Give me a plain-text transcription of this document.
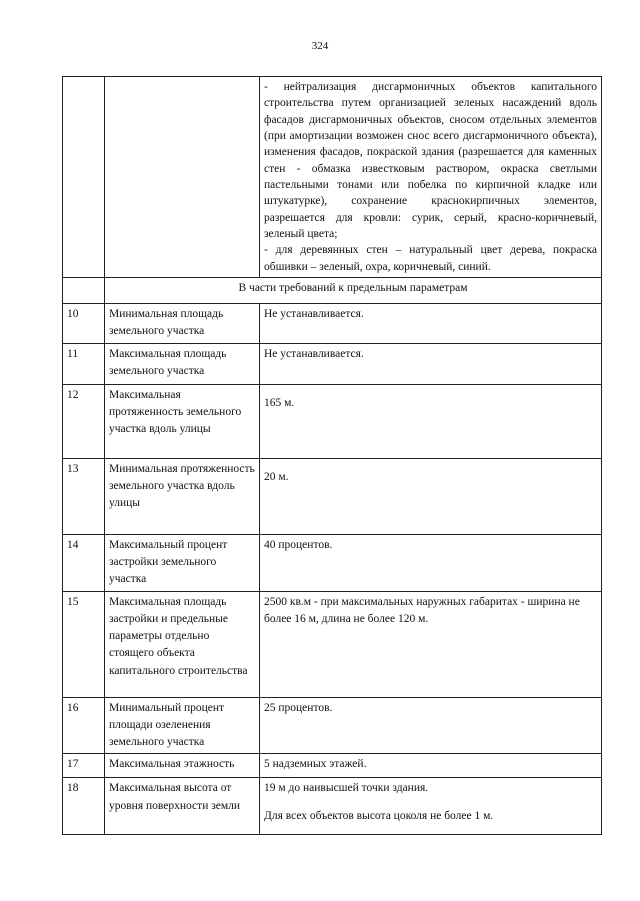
324

		- нейтрализация дисгармоничных объектов капитального строительства путем организацией зеленых насаждений вдоль фасадов дисгармоничных объектов, сносом отдельных элементов (при амортизации возможен снос всего дисгармоничного объекта), изменения фасадов, покраской здания (разрешается для каменных стен - обмазка известковым раствором, окраска светлыми пастельными тонами или побелка по кирпичной кладке или штукатурке), сохранение краснокирпичных элементов, разрешается для кровли: сурик, серый, красно-коричневый, зеленый цвета;

- для деревянных стен – натуральный цвет дерева, покраска обшивки – зеленый, охра, коричневый, синий.

	В части требований к предельным параметрам	
10	Минимальная площадь земельного участка	Не устанавливается.

11	Максимальная площадь земельного участка	Не устанавливается.

12	Максимальная протяженность земельного участка вдоль улицы	165 м.

13	Минимальная протяженность земельного участка вдоль улицы	20 м.

14	Максимальный процент застройки земельного участка	40 процентов.

15	Максимальная площадь застройки и предельные параметры отдельно стоящего объекта капитального строительства	2500 кв.м - при максимальных наружных габаритах - ширина не более 16 м, длина не более 120 м.

16	Минимальный процент площади озеленения земельного участка	25 процентов.

17	Максимальная этажность	5 надземных этажей.

18	Максимальная высота от уровня поверхности земли	19 м до наивысшей точки здания.
Для всех объектов высота цоколя не более 1 м.
